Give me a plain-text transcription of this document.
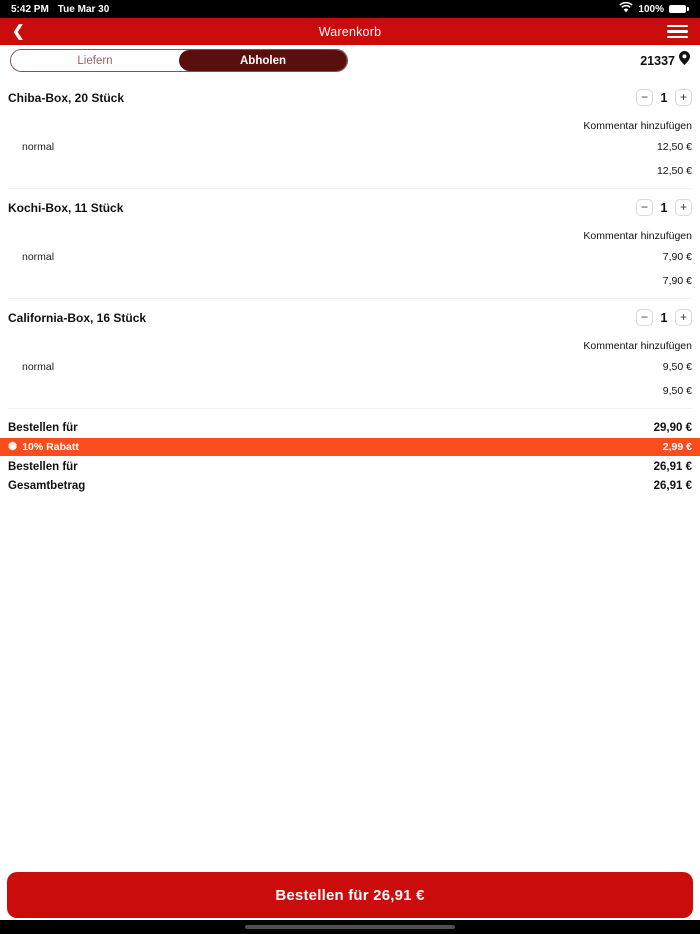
5:42 PM Tue Mar 30	100%
❮	Warenkorb
Liefern	Abholen	21337
Chiba-Box, 20 Stück	−	1	+
Kommentar hinzufügen
normal	12,50 €
12,50 €
Kochi-Box, 11 Stück	−	1	+
Kommentar hinzufügen
normal	7,90 €
7,90 €
California-Box, 16 Stück	−	1	+
Kommentar hinzufügen
normal	9,50 €
9,50 €
Bestellen für	29,90 €
✺ 10% Rabatt	2,99 €
Bestellen für	26,91 €
Gesamtbetrag	26,91 €
Bestellen für 26,91 €
